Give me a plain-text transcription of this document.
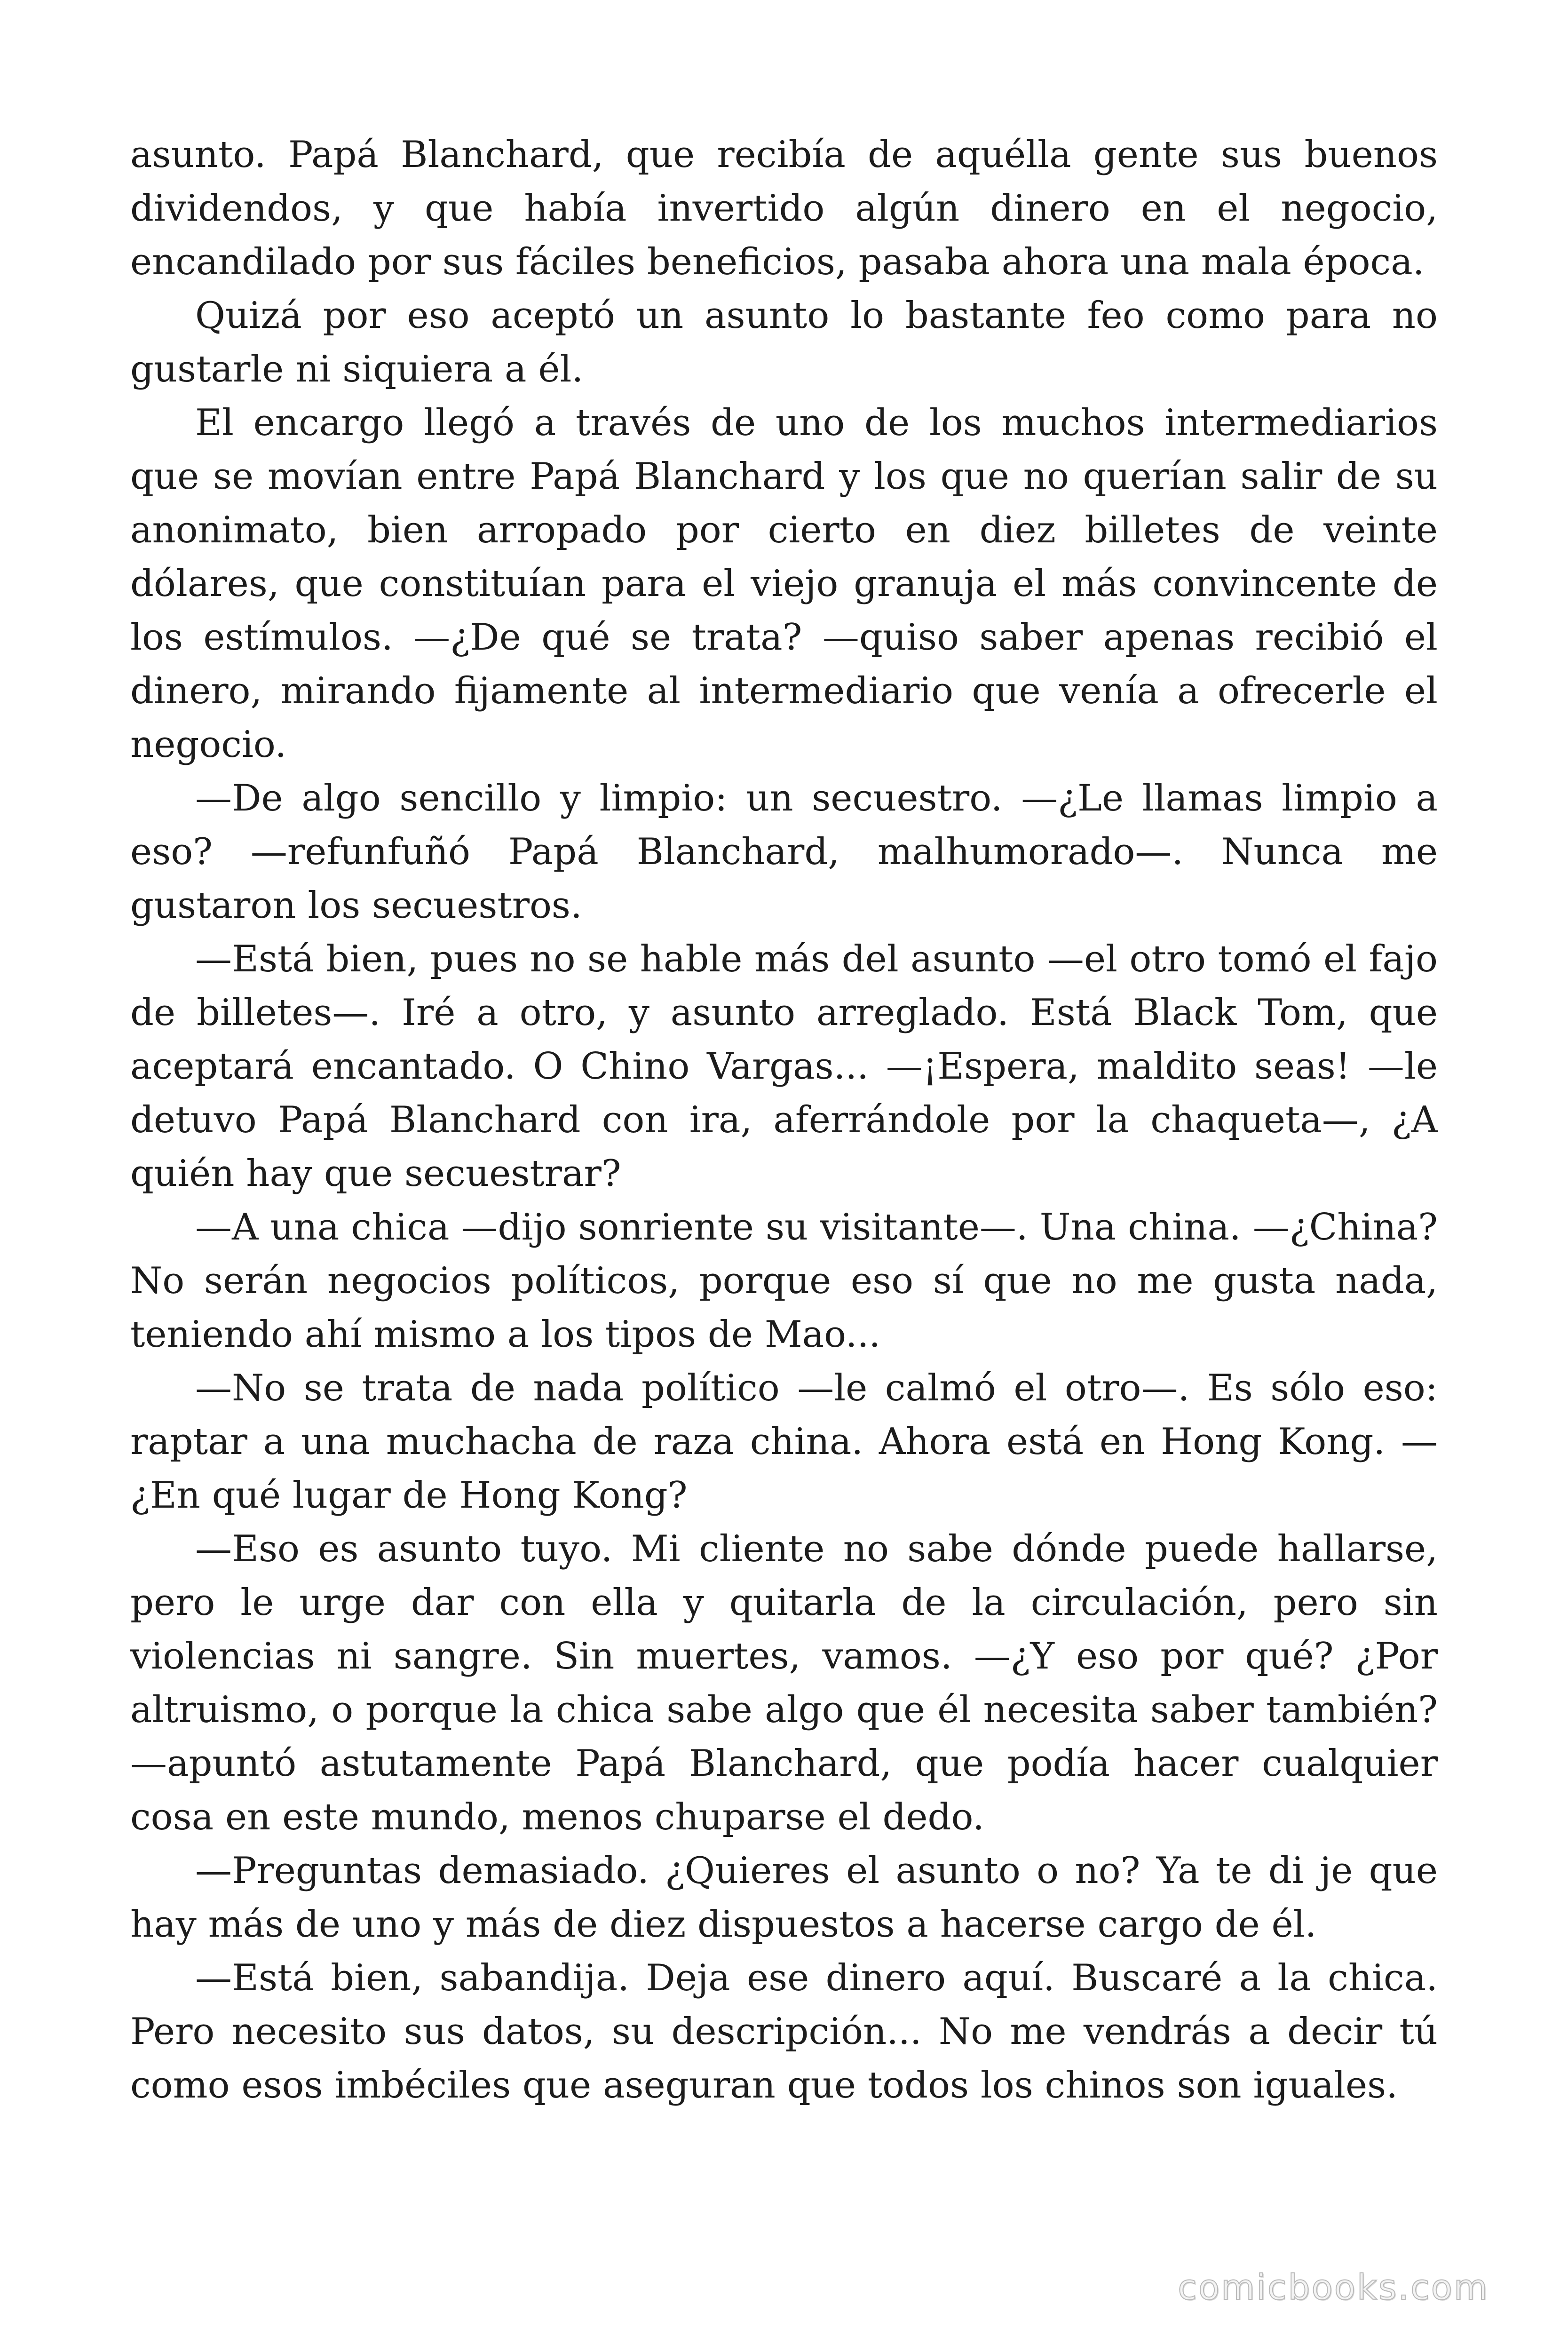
asunto. Papá Blanchard, que recibía de aquélla gente sus buenos dividendos, y que había invertido algún dinero en el negocio, encandilado por sus fáciles beneficios, pasaba ahora una mala época.

Quizá por eso aceptó un asunto lo bastante feo como para no gustarle ni siquiera a él.

El encargo llegó a través de uno de los muchos intermediarios que se movían entre Papá Blanchard y los que no querían salir de su anonimato, bien arropado por cierto en diez billetes de veinte dólares, que constituían para el viejo granuja el más convincente de los estímulos. —¿De qué se trata? —quiso saber apenas recibió el dinero, mirando fijamente al intermediario que venía a ofrecerle el negocio.

—De algo sencillo y limpio: un secuestro. —¿Le llamas limpio a eso? —refunfuñó Papá Blanchard, malhumorado—. Nunca me gustaron los secuestros.

—Está bien, pues no se hable más del asunto —el otro tomó el fajo de billetes—. Iré a otro, y asunto arreglado. Está Black Tom, que aceptará encantado. O Chino Vargas... —¡Espera, maldito seas! —le detuvo Papá Blanchard con ira, aferrándole por la chaqueta—, ¿A quién hay que secuestrar?

—A una chica —dijo sonriente su visitante—. Una china. —¿China? No serán negocios políticos, porque eso sí que no me gusta nada, teniendo ahí mismo a los tipos de Mao...

—No se trata de nada político —le calmó el otro—. Es sólo eso: raptar a una muchacha de raza china. Ahora está en Hong Kong. —¿En qué lugar de Hong Kong?

—Eso es asunto tuyo. Mi cliente no sabe dónde puede hallarse, pero le urge dar con ella y quitarla de la circulación, pero sin violencias ni sangre. Sin muertes, vamos. —¿Y eso por qué? ¿Por altruismo, o porque la chica sabe algo que él necesita saber también? —apuntó astutamente Papá Blanchard, que podía hacer cualquier cosa en este mundo, menos chuparse el dedo.

—Preguntas demasiado. ¿Quieres el asunto o no? Ya te di je que hay más de uno y más de diez dispuestos a hacerse cargo de él.

—Está bien, sabandija. Deja ese dinero aquí. Buscaré a la chica. Pero necesito sus datos, su descripción... No me vendrás a decir tú como esos imbéciles que aseguran que todos los chinos son iguales.

comicbooks.com
